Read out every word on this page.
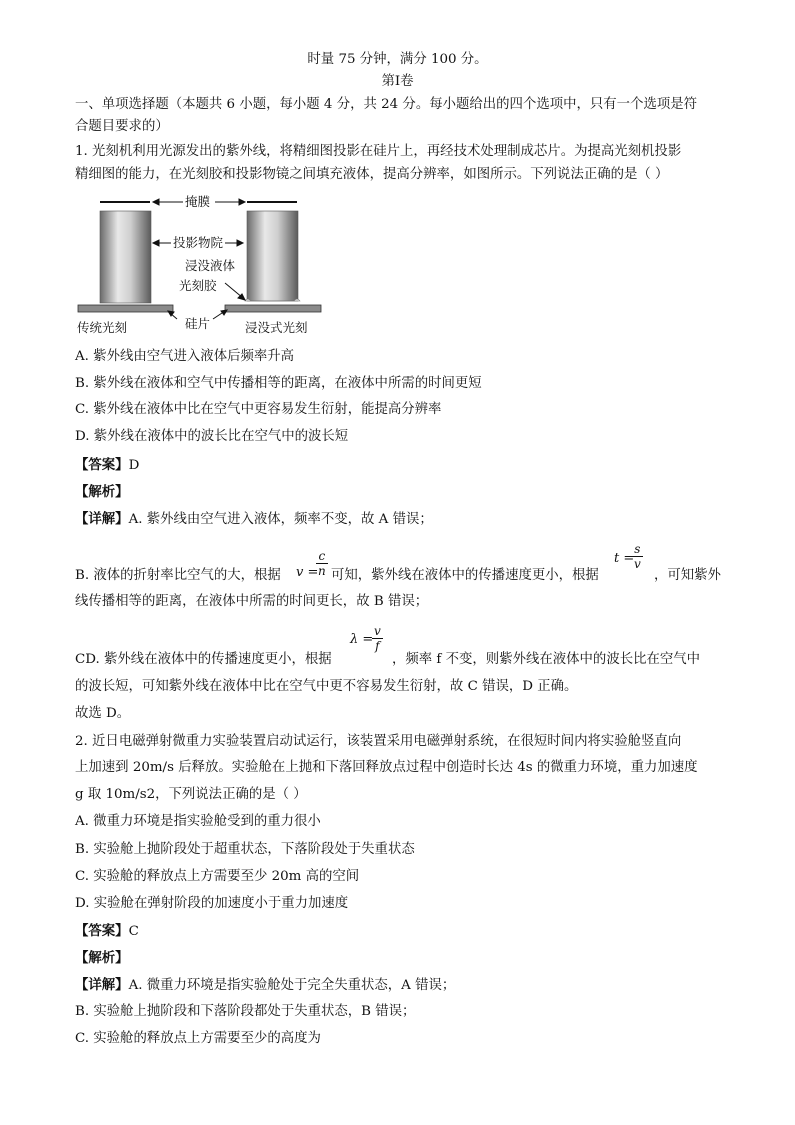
时量 75 分钟，满分 100 分。
第Ⅰ卷
一、单项选择题（本题共 6 小题，每小题 4 分，共 24 分。每小题给出的四个选项中，只有一个选项是符
合题目要求的）
1. 光刻机利用光源发出的紫外线，将精细图投影在硅片上，再经技术处理制成芯片。为提高光刻机投影
精细图的能力，在光刻胶和投影物镜之间填充液体，提高分辨率，如图所示。下列说法正确的是（ ）
掩膜
投影物院
浸没液体
光刻胶
传统光刻	硅片	浸没式光刻
A. 紫外线由空气进入液体后频率升高
B. 紫外线在液体和空气中传播相等的距离，在液体中所需的时间更短
C. 紫外线在液体中比在空气中更容易发生衍射，能提高分辨率
D. 紫外线在液体中的波长比在空气中的波长短
【答案】D
【解析】
【详解】A. 紫外线由空气进入液体，频率不变，故 A 错误；
B. 液体的折射率比空气的大，根据 v =
$\frac{c}{n}$ 可知，紫外线在液体中的传播速度更小，根据
t =
$\frac{s}{v}$
，可知紫外
线传播相等的距离，在液体中所需的时间更长，故 B 错误；
λ =
$\frac{v}{f}$
CD. 紫外线在液体中的传播速度更小，根据	，频率 f 不变，则紫外线在液体中的波长比在空气中
的波长短，可知紫外线在液体中比在空气中更不容易发生衍射，故 C 错误，D 正确。
故选 D。
2. 近日电磁弹射微重力实验装置启动试运行，该装置采用电磁弹射系统，在很短时间内将实验舱竖直向
上加速到 20m/s 后释放。实验舱在上抛和下落回释放点过程中创造时长达 4s 的微重力环境，重力加速度
g 取 10m/s2，下列说法正确的是（ ）
A. 微重力环境是指实验舱受到的重力很小
B. 实验舱上抛阶段处于超重状态，下落阶段处于失重状态
C. 实验舱的释放点上方需要至少 20m 高的空间
D. 实验舱在弹射阶段的加速度小于重力加速度
【答案】C
【解析】
【详解】A. 微重力环境是指实验舱处于完全失重状态，A 错误；
B. 实验舱上抛阶段和下落阶段都处于失重状态，B 错误；
C. 实验舱的释放点上方需要至少的高度为
